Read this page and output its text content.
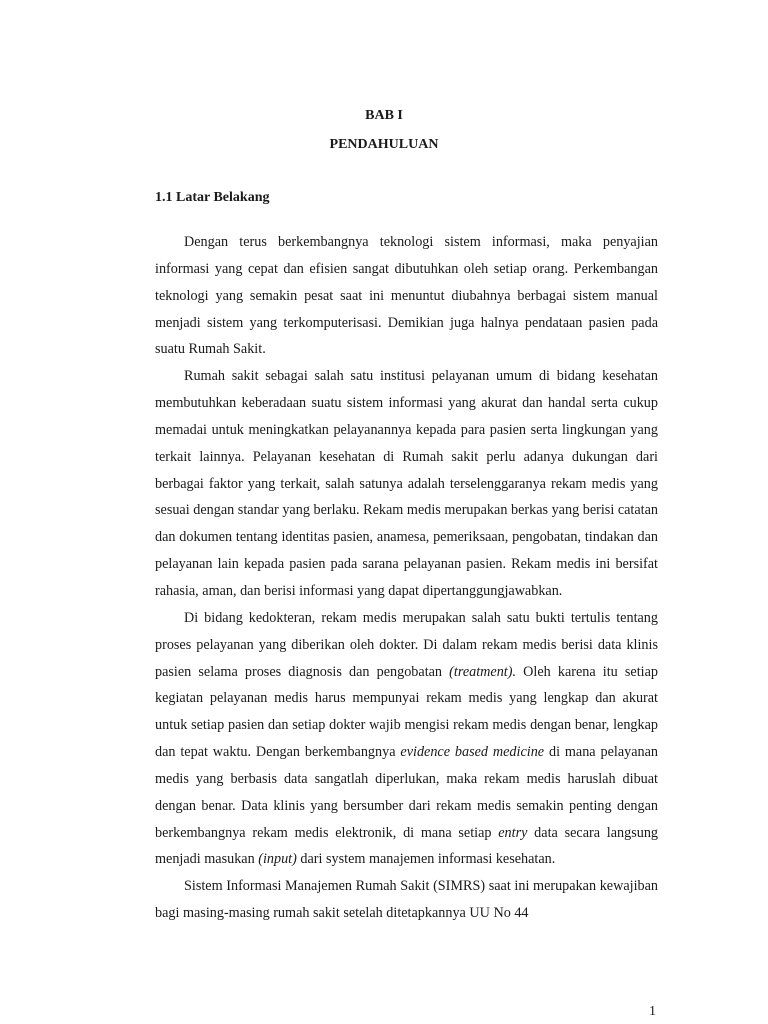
BAB I
PENDAHULUAN
1.1 Latar Belakang

Dengan terus berkembangnya teknologi sistem informasi, maka penyajian informasi yang cepat dan efisien sangat dibutuhkan oleh setiap orang. Perkembangan teknologi yang semakin pesat saat ini menuntut diubahnya berbagai sistem manual menjadi sistem yang terkomputerisasi. Demikian juga halnya pendataan pasien pada suatu Rumah Sakit.

Rumah sakit sebagai salah satu institusi pelayanan umum di bidang kesehatan membutuhkan keberadaan suatu sistem informasi yang akurat dan handal serta cukup memadai untuk meningkatkan pelayanannya kepada para pasien serta lingkungan yang terkait lainnya. Pelayanan kesehatan di Rumah sakit perlu adanya dukungan dari berbagai faktor yang terkait, salah satunya adalah terselenggaranya rekam medis yang sesuai dengan standar yang berlaku. Rekam medis merupakan berkas yang berisi catatan dan dokumen tentang identitas pasien, anamesa, pemeriksaan, pengobatan, tindakan dan pelayanan lain kepada pasien pada sarana pelayanan pasien. Rekam medis ini bersifat rahasia, aman, dan berisi informasi yang dapat dipertanggungjawabkan.

Di bidang kedokteran, rekam medis merupakan salah satu bukti tertulis tentang proses pelayanan yang diberikan oleh dokter. Di dalam rekam medis berisi data klinis pasien selama proses diagnosis dan pengobatan (treatment). Oleh karena itu setiap kegiatan pelayanan medis harus mempunyai rekam medis yang lengkap dan akurat untuk setiap pasien dan setiap dokter wajib mengisi rekam medis dengan benar, lengkap dan tepat waktu. Dengan berkembangnya evidence based medicine di mana pelayanan medis yang berbasis data sangatlah diperlukan, maka rekam medis haruslah dibuat dengan benar. Data klinis yang bersumber dari rekam medis semakin penting dengan berkembangnya rekam medis elektronik, di mana setiap entry data secara langsung menjadi masukan (input) dari system manajemen informasi kesehatan.

Sistem Informasi Manajemen Rumah Sakit (SIMRS) saat ini merupakan kewajiban bagi masing-masing rumah sakit setelah ditetapkannya UU No 44

1
